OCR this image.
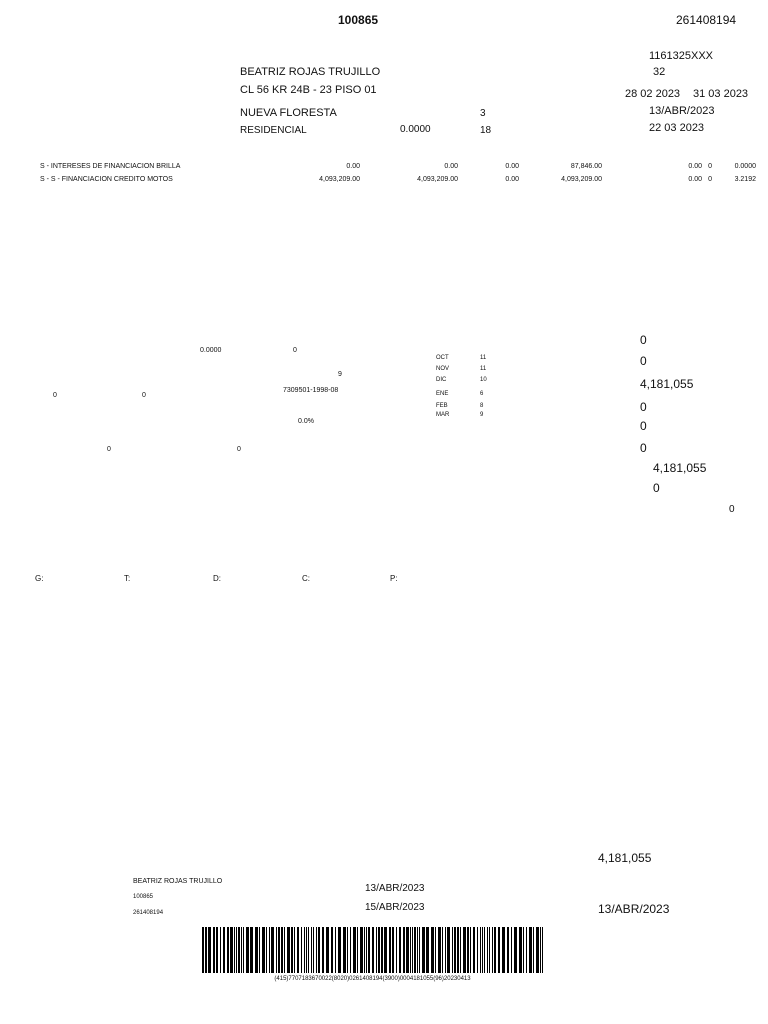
100865	261408194
1161325XXX
32
BEATRIZ ROJAS TRUJILLO
CL 56 KR 24B - 23 PISO 01	28 02 2023 31 03 2023
NUEVA FLORESTA	3	13/ABR/2023
RESIDENCIAL	0.0000	18	22 03 2023
S - INTERESES DE FINANCIACION BRILLA	0.00	0.00	0.00	87,846.00	0.00 0	0.0000
S - S - FINANCIACION CREDITO MOTOS	4,093,209.00	4,093,209.00	0.00	4,093,209.00	0.00 0	3.2192
0.0000	0
9
7309501-1998-08
0.0%
0	0
0	0
OCT	11
NOV	11
DIC	10
ENE	6
FEB	8
MAR	9
0
0
4,181,055
0
0
0
4,181,055
0
0
G:	T:	D:	C:	P:
4,181,055
BEATRIZ ROJAS TRUJILLO
100865
261408194
13/ABR/2023
15/ABR/2023	13/ABR/2023
(415)7707183670022(8020)0261408194(3900)0004181055(96)20230413
